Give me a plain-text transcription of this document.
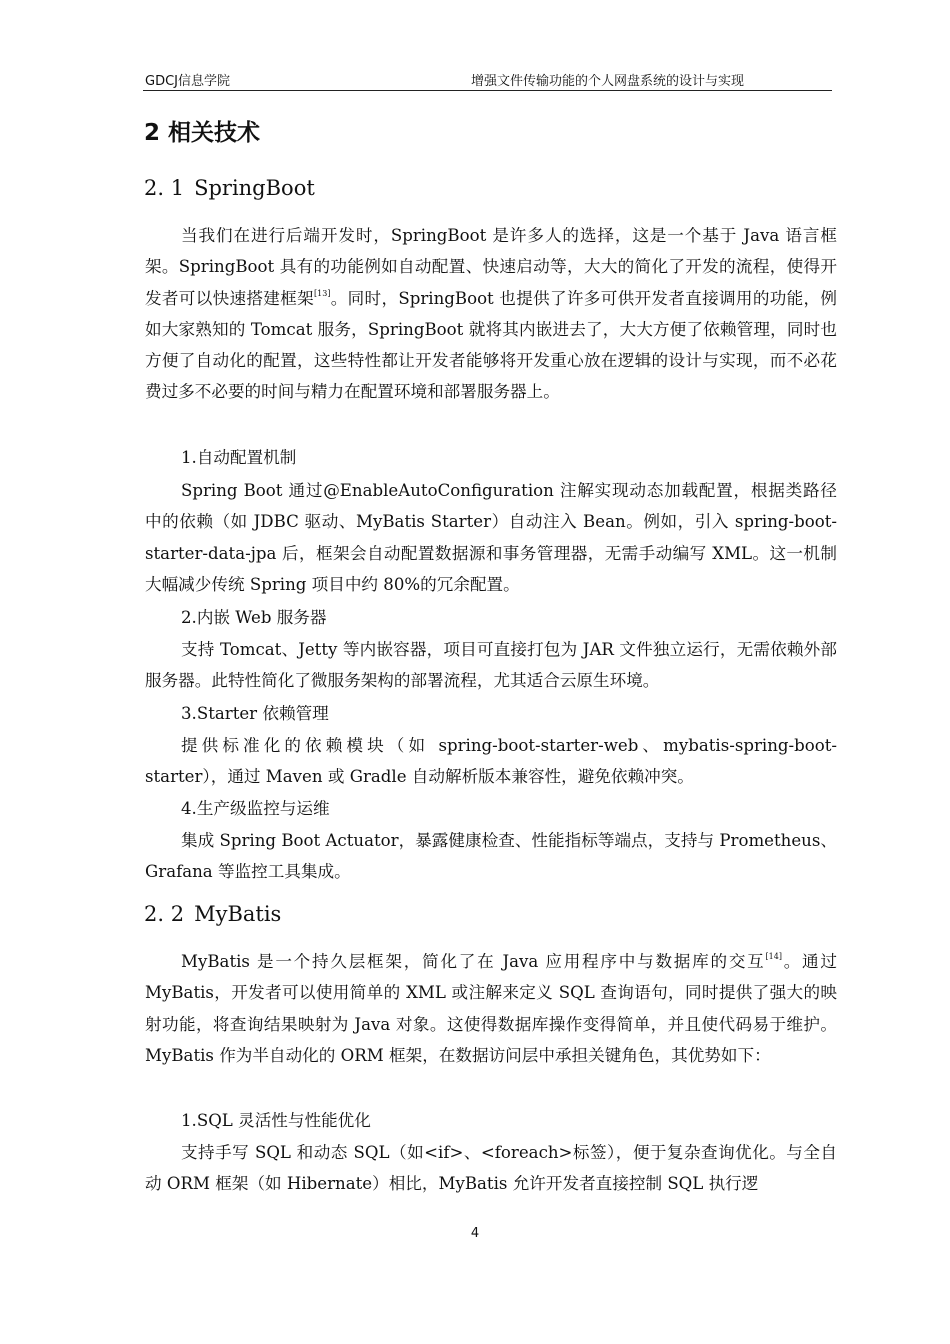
GDCJ信息学院	增强文件传输功能的个人网盘系统的设计与实现
2 相关技术
2. 1 SpringBoot

当我们在进行后端开发时，SpringBoot 是许多人的选择，这是一个基于 Java 语言框架。SpringBoot 具有的功能例如自动配置、快速启动等，大大的简化了开发的流程，使得开发者可以快速搭建框架[13]。同时，SpringBoot 也提供了许多可供开发者直接调用的功能，例如大家熟知的 Tomcat 服务，SpringBoot 就将其内嵌进去了，大大方便了依赖管理，同时也方便了自动化的配置，这些特性都让开发者能够将开发重心放在逻辑的设计与实现，而不必花费过多不必要的时间与精力在配置环境和部署服务器上。

1.自动配置机制

Spring Boot 通过@EnableAutoConfiguration 注解实现动态加载配置，根据类路径中的依赖（如 JDBC 驱动、MyBatis Starter）自动注入 Bean。例如，引入 spring-boot-starter-data-jpa 后，框架会自动配置数据源和事务管理器，无需手动编写 XML。这一机制大幅减少传统 Spring 项目中约 80%的冗余配置。

2.内嵌 Web 服务器

支持 Tomcat、Jetty 等内嵌容器，项目可直接打包为 JAR 文件独立运行，无需依赖外部服务器。此特性简化了微服务架构的部署流程，尤其适合云原生环境。

3.Starter 依赖管理

提供标准化的依赖模块（如 spring-boot-starter-web、mybatis-spring-boot-starter），通过 Maven 或 Gradle 自动解析版本兼容性，避免依赖冲突。

4.生产级监控与运维

集成 Spring Boot Actuator，暴露健康检查、性能指标等端点，支持与 Prometheus、Grafana 等监控工具集成。

2. 2 MyBatis

MyBatis 是一个持久层框架，简化了在 Java 应用程序中与数据库的交互[14]。通过 MyBatis，开发者可以使用简单的 XML 或注解来定义 SQL 查询语句，同时提供了强大的映射功能，将查询结果映射为 Java 对象。这使得数据库操作变得简单，并且使代码易于维护。MyBatis 作为半自动化的 ORM 框架，在数据访问层中承担关键角色，其优势如下：

1.SQL 灵活性与性能优化

支持手写 SQL 和动态 SQL（如<if>、<foreach>标签），便于复杂查询优化。与全自动 ORM 框架（如 Hibernate）相比，MyBatis 允许开发者直接控制 SQL 执行逻

4
